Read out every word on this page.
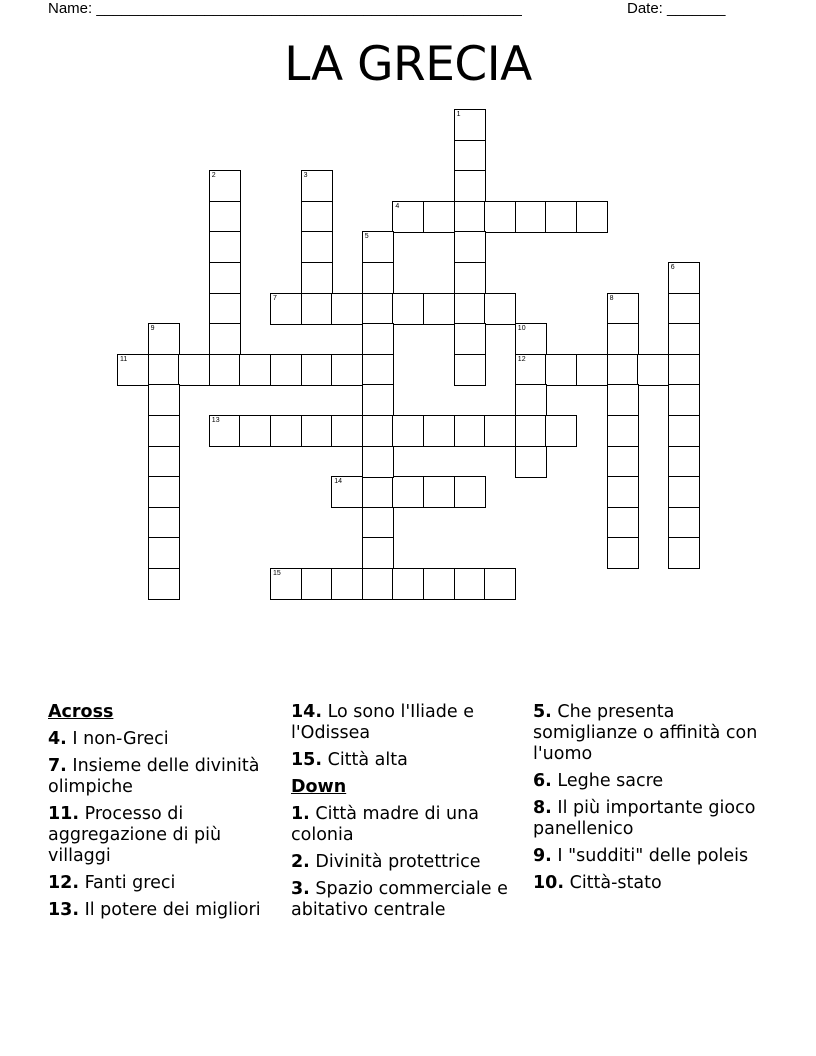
Name: ___________________________________________________	Date: _______
LA GRECIA
4
7
11	12
13
14
15
1
2	3
5
6
8
9	10
Across
4. I non-Greci
7. Insieme delle divinità olimpiche
11. Processo di aggregazione di più villaggi
12. Fanti greci
13. Il potere dei migliori
14. Lo sono l'Iliade e l'Odissea
15. Città alta
Down
1. Città madre di una colonia
2. Divinità protettrice
3. Spazio commerciale e abitativo centrale
5. Che presenta somiglianze o affinità con l'uomo
6. Leghe sacre
8. Il più importante gioco panellenico
9. I "sudditi" delle poleis
10. Città-stato
